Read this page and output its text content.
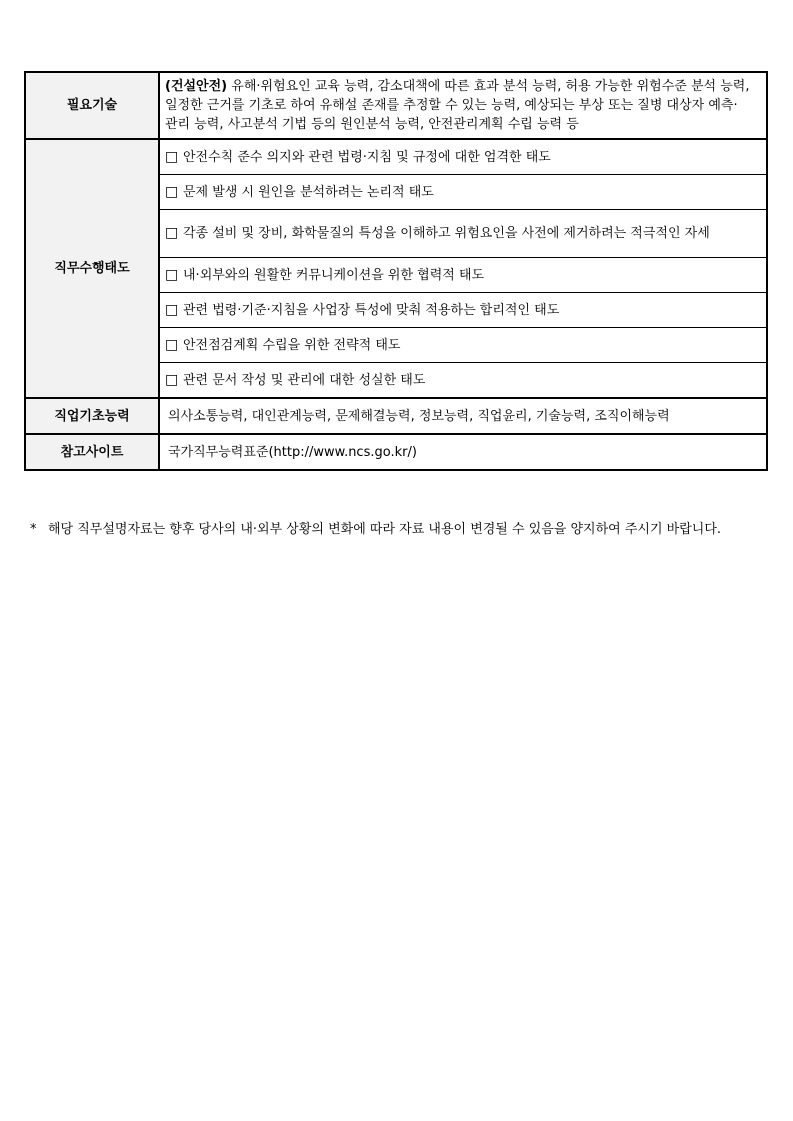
필요기술	(건설안전) 유해·위험요인 교육 능력, 감소대책에 따른 효과 분석 능력, 허용 가능한 위험수준 분석 능력, 일정한 근거를 기초로 하여 유해설 존재를 추정할 수 있는 능력, 예상되는 부상 또는 질병 대상자 예측·관리 능력, 사고분석 기법 등의 원인분석 능력, 안전관리계획 수립 능력 등

직무수행태도	□ 안전수칙 준수 의지와 관련 법령·지침 및 규정에 대한 엄격한 태도

	□ 문제 발생 시 원인을 분석하려는 논리적 태도

	□ 각종 설비 및 장비, 화학물질의 특성을 이해하고 위험요인을 사전에 제거하려는 적극적인 자세

	□ 내·외부와의 원활한 커뮤니케이션을 위한 협력적 태도

	□ 관련 법령·기준·지침을 사업장 특성에 맞춰 적용하는 합리적인 태도

	□ 안전점검계획 수립을 위한 전략적 태도

	□ 관련 문서 작성 및 관리에 대한 성실한 태도

직업기초능력	의사소통능력, 대인관계능력, 문제해결능력, 정보능력, 직업윤리, 기술능력, 조직이해능력

참고사이트	국가직무능력표준(http://www.ncs.go.kr/)
* 해당 직무설명자료는 향후 당사의 내·외부 상황의 변화에 따라 자료 내용이 변경될 수 있음을 양지하여 주시기 바랍니다.
